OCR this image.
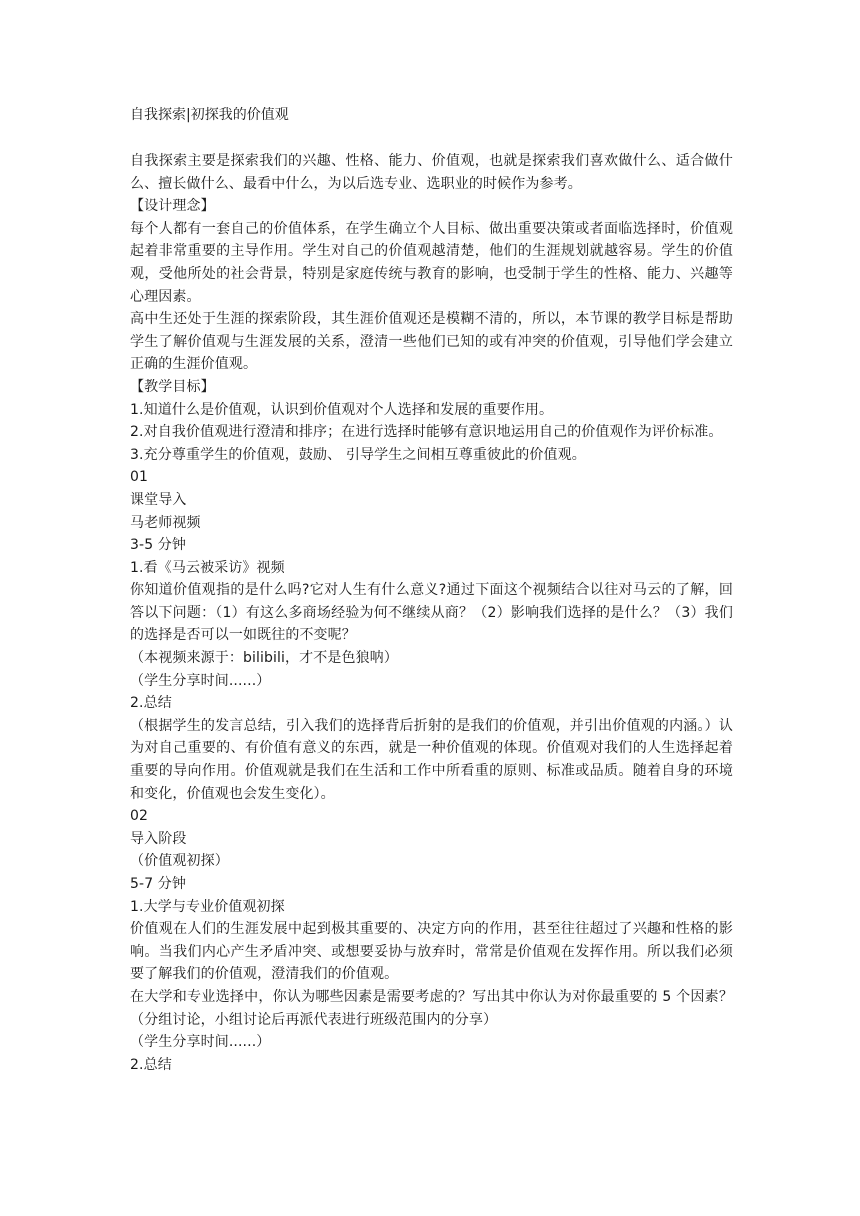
自我探索|初探我的价值观

自我探索主要是探索我们的兴趣、性格、能力、价值观，也就是探索我们喜欢做什么、适合做什么、擅长做什么、最看中什么，为以后选专业、选职业的时候作为参考。

【设计理念】

每个人都有一套自己的价值体系，在学生确立个人目标、做出重要决策或者面临选择时，价值观起着非常重要的主导作用。学生对自己的价值观越清楚，他们的生涯规划就越容易。学生的价值观，受他所处的社会背景，特别是家庭传统与教育的影响，也受制于学生的性格、能力、兴趣等心理因素。

高中生还处于生涯的探索阶段，其生涯价值观还是模糊不清的，所以，本节课的教学目标是帮助学生了解价值观与生涯发展的关系，澄清一些他们已知的或有冲突的价值观，引导他们学会建立正确的生涯价值观。

【教学目标】

1.知道什么是价值观，认识到价值观对个人选择和发展的重要作用。

2.对自我价值观进行澄清和排序；在进行选择时能够有意识地运用自己的价值观作为评价标准。

3.充分尊重学生的价值观，鼓励、 引导学生之间相互尊重彼此的价值观。

01

课堂导入

马老师视频

3-5 分钟

1.看《马云被采访》视频

你知道价值观指的是什么吗?它对人生有什么意义?通过下面这个视频结合以往对马云的了解，回答以下问题：（1）有这么多商场经验为何不继续从商？（2）影响我们选择的是什么？（3）我们的选择是否可以一如既往的不变呢？

（本视频来源于：bilibili，才不是色狼呐）

（学生分享时间......）

2.总结

（根据学生的发言总结，引入我们的选择背后折射的是我们的价值观，并引出价值观的内涵。）认为对自己重要的、有价值有意义的东西，就是一种价值观的体现。价值观对我们的人生选择起着重要的导向作用。价值观就是我们在生活和工作中所看重的原则、标准或品质。随着自身的环境和变化，价值观也会发生变化）。

02

导入阶段

（价值观初探）

5-7 分钟

1.大学与专业价值观初探

价值观在人们的生涯发展中起到极其重要的、决定方向的作用，甚至往往超过了兴趣和性格的影响。当我们内心产生矛盾冲突、或想要妥协与放弃时，常常是价值观在发挥作用。所以我们必须要了解我们的价值观，澄清我们的价值观。

在大学和专业选择中，你认为哪些因素是需要考虑的？写出其中你认为对你最重要的 5 个因素？（分组讨论，小组讨论后再派代表进行班级范围内的分享）

（学生分享时间......）

2.总结
